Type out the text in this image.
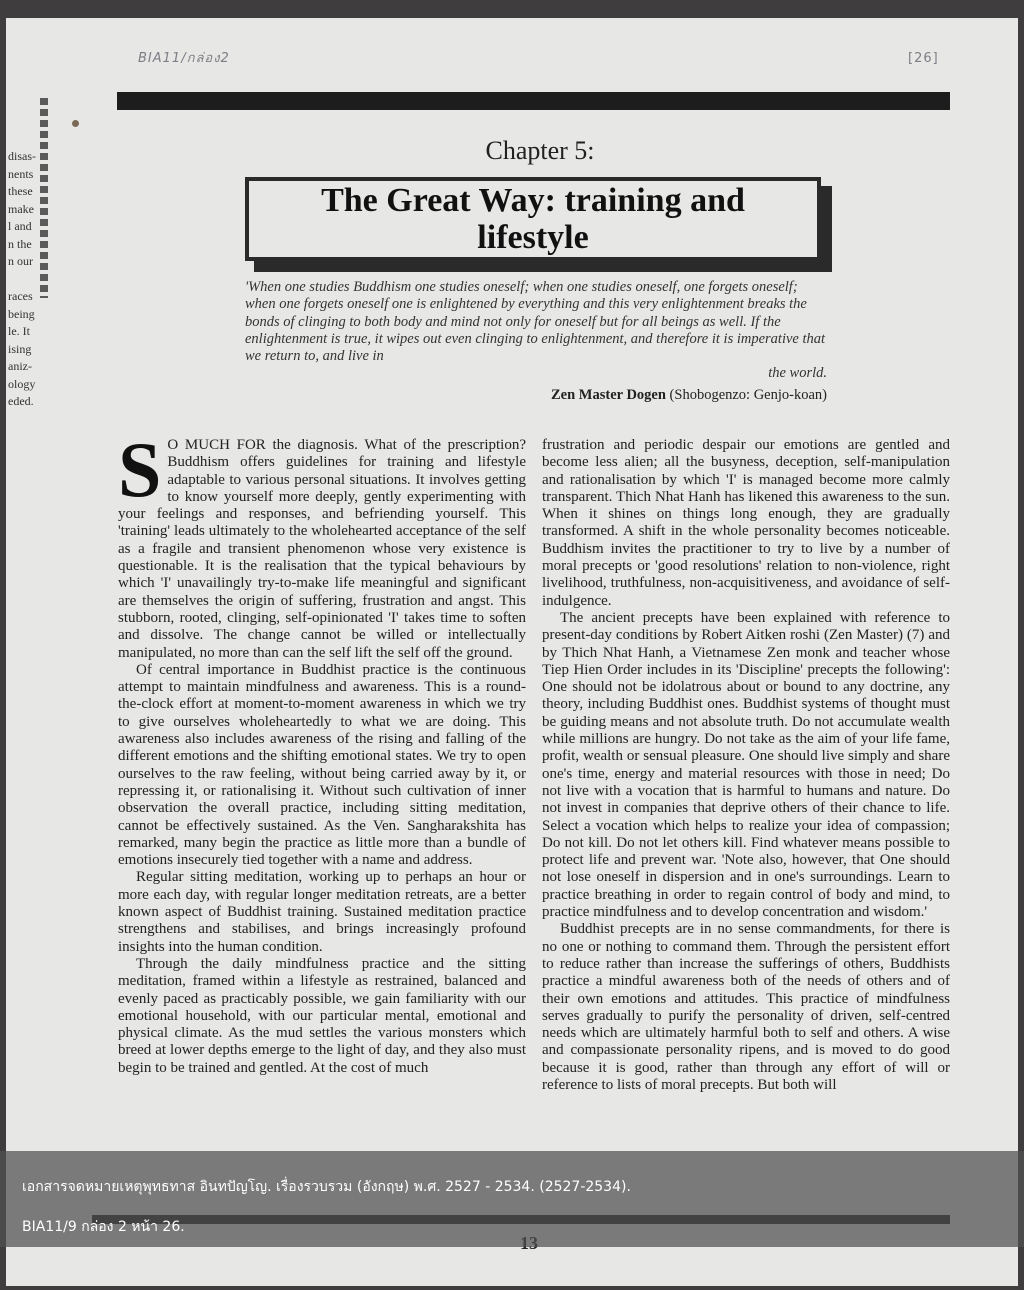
BIA11/กล่อง2	[26]
disas-
nents
these
make
l and
n the
n our

races
being
le. It
ising
aniz-
ology
eded.
Chapter 5:
The Great Way: training and lifestyle
'When one studies Buddhism one studies oneself; when one studies oneself, one forgets oneself; when one forgets oneself one is enlightened by everything and this very enlightenment breaks the bonds of clinging to both body and mind not only for oneself but for all beings as well. If the enlightenment is true, it wipes out even clinging to enlightenment, and therefore it is imperative that we return to, and live in
the world.
Zen Master Dogen (Shobogenzo: Genjo-koan)

S O MUCH FOR the diagnosis. What of the prescription? Buddhism offers guidelines for training and lifestyle adaptable to various personal situations. It involves getting to know yourself more deeply, gently experimenting with your feelings and responses, and befriending yourself. This 'training' leads ultimately to the wholehearted acceptance of the self as a fragile and transient phenomenon whose very existence is questionable. It is the realisation that the typical behaviours by which 'I' unavailingly try-to-make life meaningful and significant are themselves the origin of suffering, frustration and angst. This stubborn, rooted, clinging, self-opinionated 'I' takes time to soften and dissolve. The change cannot be willed or intellectually manipulated, no more than can the self lift the self off the ground.

Of central importance in Buddhist practice is the continuous attempt to maintain mindfulness and awareness. This is a round-the-clock effort at moment-to-moment awareness in which we try to give ourselves wholeheartedly to what we are doing. This awareness also includes awareness of the rising and falling of the different emotions and the shifting emotional states. We try to open ourselves to the raw feeling, without being carried away by it, or repressing it, or rationalising it. Without such cultivation of inner observation the overall practice, including sitting meditation, cannot be effectively sustained. As the Ven. Sangharakshita has remarked, many begin the practice as little more than a bundle of emotions insecurely tied together with a name and address.

Regular sitting meditation, working up to perhaps an hour or more each day, with regular longer meditation retreats, are a better known aspect of Buddhist training. Sustained meditation practice strengthens and stabilises, and brings increasingly profound insights into the human condition.

Through the daily mindfulness practice and the sitting meditation, framed within a lifestyle as restrained, balanced and evenly paced as practicably possible, we gain familiarity with our emotional household, with our particular mental, emotional and physical climate. As the mud settles the various monsters which breed at lower depths emerge to the light of day, and they also must begin to be trained and gentled. At the cost of much

frustration and periodic despair our emotions are gentled and become less alien; all the busyness, deception, self-manipulation and rationalisation by which 'I' is managed become more calmly transparent. Thich Nhat Hanh has likened this awareness to the sun. When it shines on things long enough, they are gradually transformed. A shift in the whole personality becomes noticeable. Buddhism invites the practitioner to try to live by a number of moral precepts or 'good resolutions' relation to non-violence, right livelihood, truthfulness, non-acquisitiveness, and avoidance of self-indulgence.

The ancient precepts have been explained with reference to present-day conditions by Robert Aitken roshi (Zen Master) (7) and by Thich Nhat Hanh, a Vietnamese Zen monk and teacher whose Tiep Hien Order includes in its 'Discipline' precepts the following': One should not be idolatrous about or bound to any doctrine, any theory, including Buddhist ones. Buddhist systems of thought must be guiding means and not absolute truth. Do not accumulate wealth while millions are hungry. Do not take as the aim of your life fame, profit, wealth or sensual pleasure. One should live simply and share one's time, energy and material resources with those in need; Do not live with a vocation that is harmful to humans and nature. Do not invest in companies that deprive others of their chance to life. Select a vocation which helps to realize your idea of compassion; Do not kill. Do not let others kill. Find whatever means possible to protect life and prevent war. 'Note also, however, that One should not lose oneself in dispersion and in one's surroundings. Learn to practice breathing in order to regain control of body and mind, to practice mindfulness and to develop concentration and wisdom.'

Buddhist precepts are in no sense commandments, for there is no one or nothing to command them. Through the persistent effort to reduce rather than increase the sufferings of others, Buddhists practice a mindful awareness both of the needs of others and of their own emotions and attitudes. This practice of mindfulness serves gradually to purify the personality of driven, self-centred needs which are ultimately harmful both to self and others. A wise and compassionate personality ripens, and is moved to do good because it is good, rather than through any effort of will or reference to lists of moral precepts. But both will

เอกสารจดหมายเหตุพุทธทาส อินทปัญโญ. เรื่องรวบรวม (อังกฤษ) พ.ศ. 2527 - 2534. (2527-2534).
BIA11/9 กล่อง 2 หน้า 26.
